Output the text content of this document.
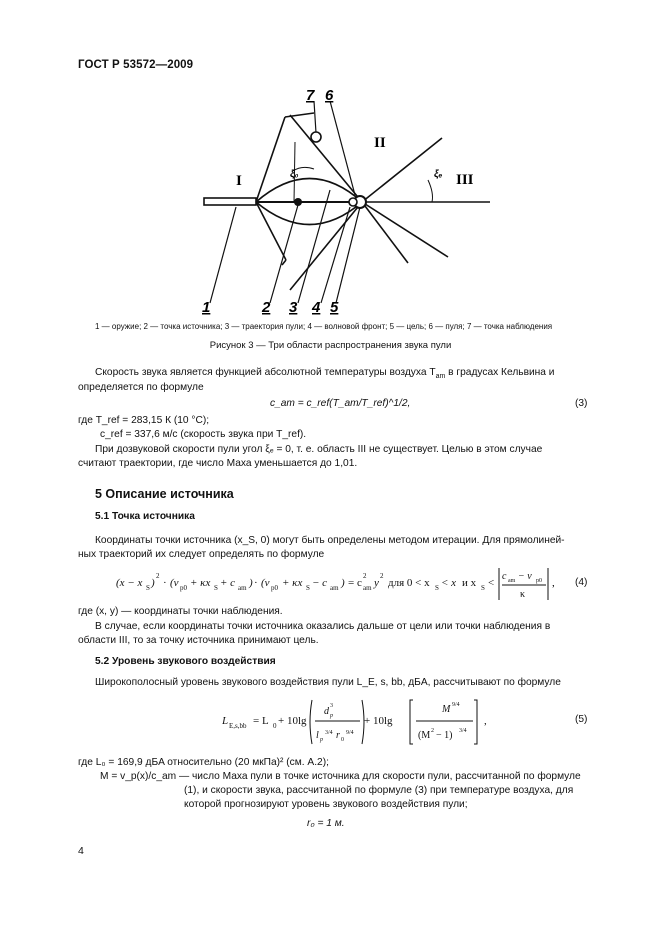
ГОСТ Р 53572—2009
I
II
III
ξ₀	ξₑ
1	2 3 4 5
6
7
1 — оружие; 2 — точка источника; 3 — траектория пули; 4 — волновой фронт; 5 — цель; 6 — пуля; 7 — точка наблюдения
Рисунок 3 — Три области распространения звука пули
Скорость звука является функцией абсолютной температуры воздуха $T_{am}$ в градусах Кельвина и
определяется по формуле
c_am = c_ref(T_am/T_ref)^1/2,	(3)
где T_ref = 283,15 К (10 °C);
c_ref = 337,6 м/с (скорость звука при T_ref).
При дозвуковой скорости пули угол ξₑ = 0, т. е. область III не существует. Целью в этом случае
считают траектории, где число Маха уменьшается до 1,01.
5 Описание источника
5.1 Точка источника
Координаты точки источника (x_S, 0) могут быть определены методом итерации. Для прямолиней-
ных траекторий их следует определять по формуле
(x − x S )
2
· (v p0 + κx S + c am ) · (v p0 + κx S − c am ) = c
2
am y
2
для 0 < x S < x и x S <
c am − v p0
κ
, (4)
где (x, y) — координаты точки наблюдения.
В случае, если координаты точки источника оказались дальше от цели или точки наблюдения в
области III, то за точку источника принимают цель.
5.2 Уровень звукового воздействия
Широкополосный уровень звукового воздействия пули L_E, s, bb, дБA, рассчитывают по формуле
L E,s,bb = L 0 + 10lg
d 3
p
l p
3/4 r 0
9/4
+ 10lg
M 9/4
(M 2 − 1) 3/4
,	(5)
где L₀ = 169,9 дБA относительно (20 мкПа)² (см. А.2);
M = v_p(x)/c_am — число Маха пули в точке источника для скорости пули, рассчитанной по формуле
(1), и скорости звука, рассчитанной по формуле (3) при температуре воздуха, для
которой прогнозируют уровень звукового воздействия пули;
r₀ = 1 м.
4
